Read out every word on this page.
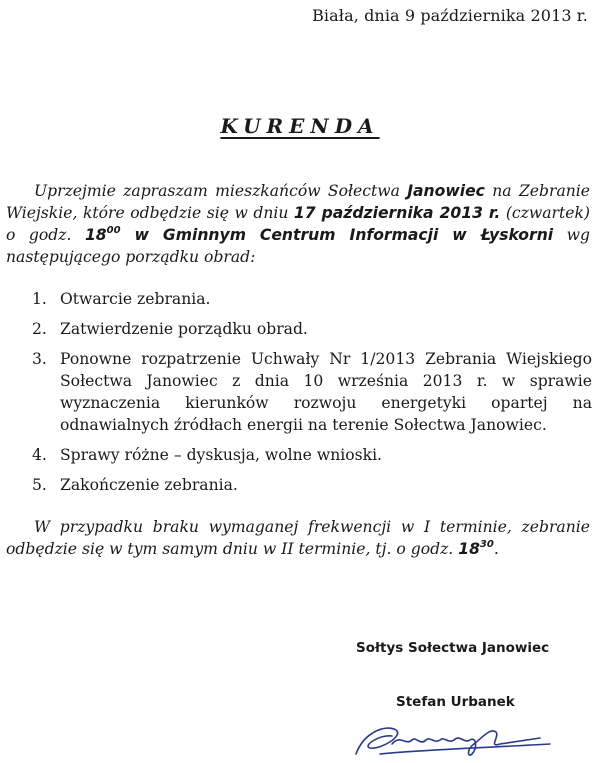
Biała, dnia 9 października 2013 r.
KURENDA
Uprzejmie zapraszam mieszkańców Sołectwa Janowiec na Zebranie Wiejskie, które odbędzie się w dniu 17 października 2013 r. (czwartek) o godz. $18^{00}$ w Gminnym Centrum Informacji w Łyskorni wg następującego porządku obrad:
1. Otwarcie zebrania.
2. Zatwierdzenie porządku obrad.
3. Ponowne rozpatrzenie Uchwały Nr 1/2013 Zebrania Wiejskiego Sołectwa Janowiec z dnia 10 września 2013 r. w sprawie wyznaczenia kierunków rozwoju energetyki opartej na odnawialnych źródłach energii na terenie Sołectwa Janowiec.
4. Sprawy różne – dyskusja, wolne wnioski.
5. Zakończenie zebrania.
W przypadku braku wymaganej frekwencji w I terminie, zebranie odbędzie się w tym samym dniu w II terminie, tj. o godz. $18^{30}$.
Sołtys Sołectwa Janowiec
Stefan Urbanek
